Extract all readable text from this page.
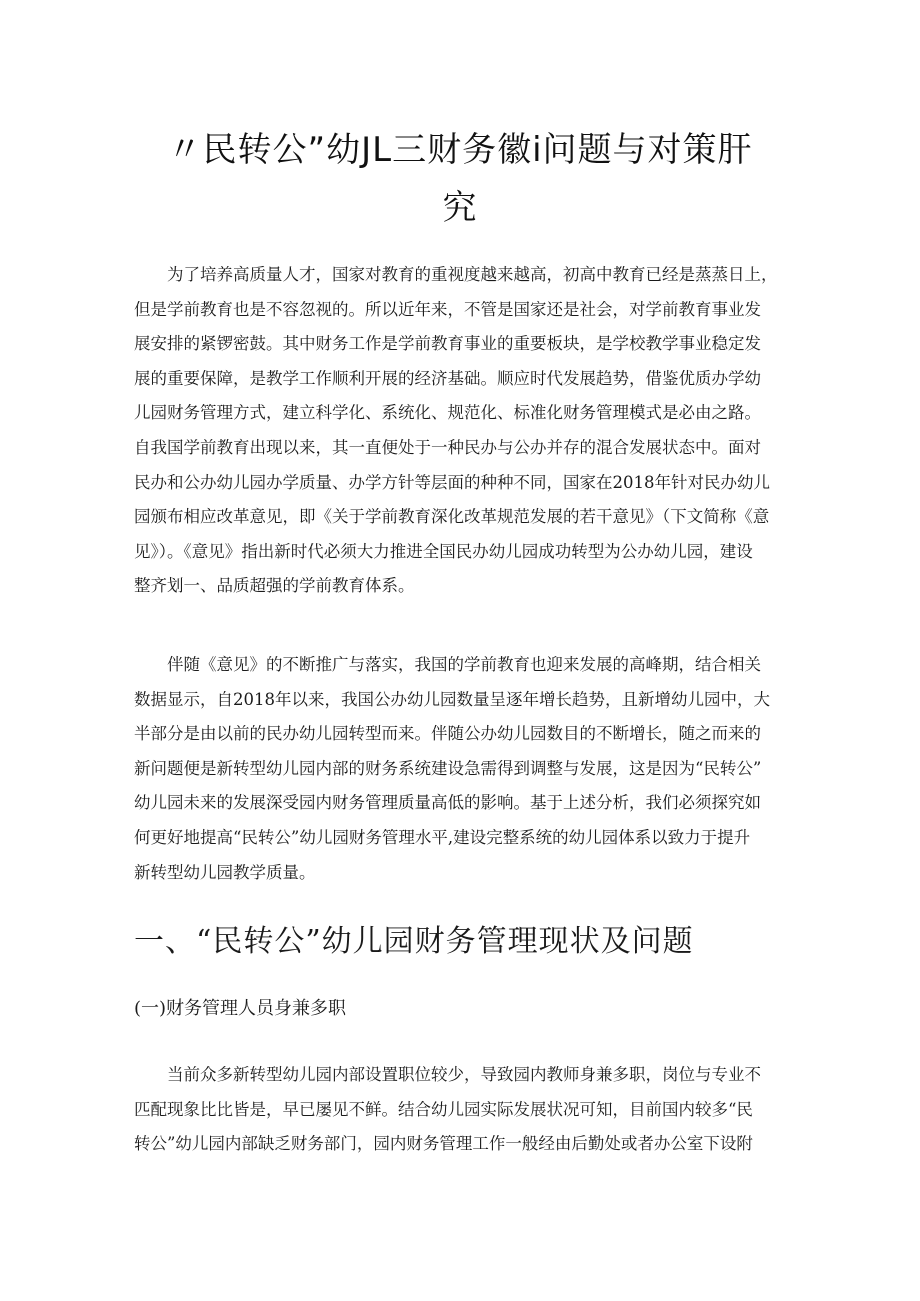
〃民转公”幼JL三财务徽i问题与对策肝
究

　　为了培养高质量人才，国家对教育的重视度越来越高，初高中教育已经是蒸蒸日上，

但是学前教育也是不容忽视的。所以近年来，不管是国家还是社会，对学前教育事业发

展安排的紧锣密鼓。其中财务工作是学前教育事业的重要板块，是学校教学事业稳定发

展的重要保障，是教学工作顺利开展的经济基础。顺应时代发展趋势，借鉴优质办学幼

儿园财务管理方式，建立科学化、系统化、规范化、标准化财务管理模式是必由之路。

自我国学前教育出现以来，其一直便处于一种民办与公办并存的混合发展状态中。面对

民办和公办幼儿园办学质量、办学方针等层面的种种不同，国家在2018年针对民办幼儿

园颁布相应改革意见，即《关于学前教育深化改革规范发展的若干意见》（下文简称《意

见》）。《意见》指出新时代必须大力推进全国民办幼儿园成功转型为公办幼儿园，建设

整齐划一、品质超强的学前教育体系。

　　伴随《意见》的不断推广与落实，我国的学前教育也迎来发展的高峰期，结合相关

数据显示，自2018年以来，我国公办幼儿园数量呈逐年增长趋势，且新增幼儿园中，大

半部分是由以前的民办幼儿园转型而来。伴随公办幼儿园数目的不断增长，随之而来的

新问题便是新转型幼儿园内部的财务系统建设急需得到调整与发展，这是因为“民转公”

幼儿园未来的发展深受园内财务管理质量高低的影响。基于上述分析，我们必须探究如

何更好地提高“民转公”幼儿园财务管理水平,建设完整系统的幼儿园体系以致力于提升

新转型幼儿园教学质量。

一、“民转公”幼儿园财务管理现状及问题
(一)财务管理人员身兼多职

　　当前众多新转型幼儿园内部设置职位较少，导致园内教师身兼多职，岗位与专业不

匹配现象比比皆是，早已屡见不鲜。结合幼儿园实际发展状况可知，目前国内较多“民

转公”幼儿园内部缺乏财务部门，园内财务管理工作一般经由后勤处或者办公室下设附
